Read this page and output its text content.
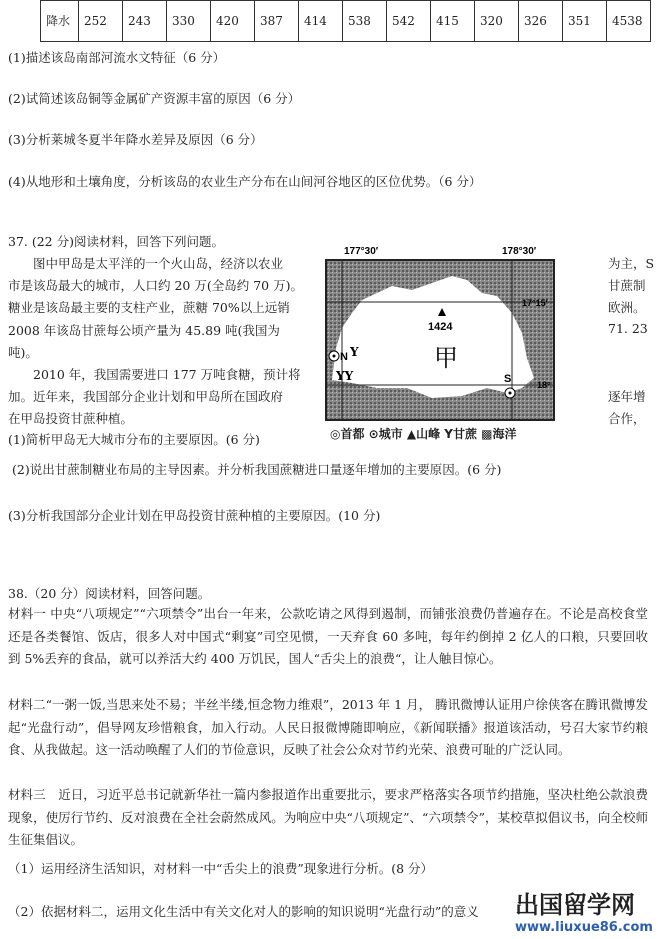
降水	252	243	330	420	387	414	538	542	415	320	326	351	4538
(1)描述该岛南部河流水文特征（6 分）
(2)试简述该岛铜等金属矿产资源丰富的原因（6 分）
(3)分析莱城冬夏半年降水差异及原因（6 分）
(4)从地形和土壤角度，分析该岛的农业生产分布在山间河谷地区的区位优势。（6 分）
37. (22 分)阅读材料，回答下列问题。
　　图中甲岛是太平洋的一个火山岛，经济以农业
市是该岛最大的城市，人口约 20 万(全岛约 70 万)。
糖业是该岛最主要的支柱产业，蔗糖 70%以上远销
2008 年该岛甘蔗每公顷产量为 45.89 吨(我国为
吨)。
　　2010 年，我国需要进口 177 万吨食糖，预计将
加。近年来，我国部分企业计划和甲岛所在国政府
在甲岛投资甘蔗种植。
为主，S
甘蔗制
欧洲。
71. 23
逐年增
合作，
177°30′	178°30′
17°15′
18°
1424
甲
N Y
YY	S
◎首都 ⊙城市 ▲山峰 Y甘蔗 ▩海洋
(1)简析甲岛无大城市分布的主要原因。(6 分)
(2)说出甘蔗制糖业布局的主导因素。并分析我国蔗糖进口量逐年增加的主要原因。(6 分)
(3)分析我国部分企业计划在甲岛投资甘蔗种植的主要原因。(10 分)
38.（20 分）阅读材料，回答问题。
材料一 中央“八项规定”“六项禁令”出台一年来，公款吃请之风得到遏制，而铺张浪费仍普遍存在。不论是高校食堂还是各类餐馆、饭店，很多人对中国式“剩宴”司空见惯，一天弃食 60 多吨，每年约倒掉 2 亿人的口粮，只要回收到 5%丢弃的食品，就可以养活大约 400 万饥民，国人“舌尖上的浪费“，让人触目惊心。
材料二“一粥一饭,当思来处不易；半丝半缕,恒念物力维艰”，2013 年 1 月， 腾讯微博认证用户徐侠客在腾讯微博发起“光盘行动”，倡导网友珍惜粮食，加入行动。人民日报微博随即响应，《新闻联播》报道该活动，号召大家节约粮食、从我做起。这一活动唤醒了人们的节俭意识，反映了社会公众对节约光荣、浪费可耻的广泛认同。
材料三　近日，习近平总书记就新华社一篇内参报道作出重要批示，要求严格落实各项节约措施，坚决杜绝公款浪费现象，使厉行节约、反对浪费在全社会蔚然成风。为响应中央“八项规定”、“六项禁令”，某校草拟倡议书，向全校师生征集倡议。
（1）运用经济生活知识，对材料一中“舌尖上的浪费”现象进行分析。(8 分）
（2）依据材料二，运用文化生活中有关文化对人的影响的知识说明“光盘行动”的意义 出国留学网
www.liuxue86.com
